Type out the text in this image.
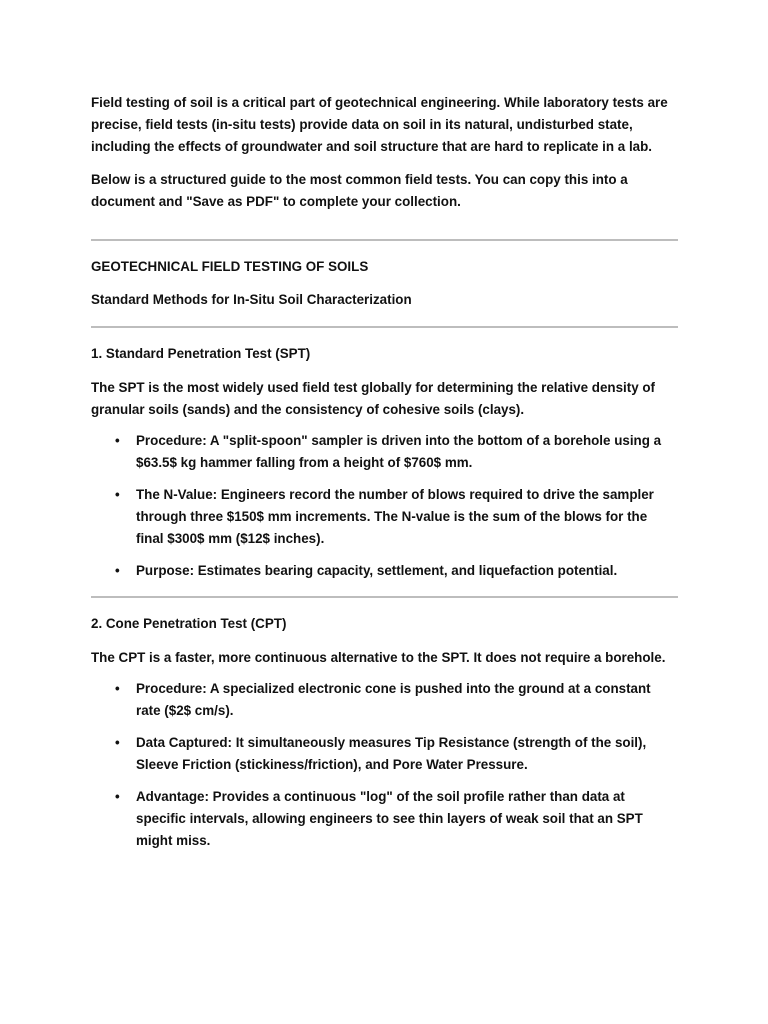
Field testing of soil is a critical part of geotechnical engineering. While laboratory tests are precise, field tests (in-situ tests) provide data on soil in its natural, undisturbed state, including the effects of groundwater and soil structure that are hard to replicate in a lab.

Below is a structured guide to the most common field tests. You can copy this into a document and "Save as PDF" to complete your collection.

GEOTECHNICAL FIELD TESTING OF SOILS

Standard Methods for In-Situ Soil Characterization

1. Standard Penetration Test (SPT)

The SPT is the most widely used field test globally for determining the relative density of granular soils (sands) and the consistency of cohesive soils (clays).

• Procedure: A "split-spoon" sampler is driven into the bottom of a borehole using a $63.5$ kg hammer falling from a height of $760$ mm.
• The N-Value: Engineers record the number of blows required to drive the sampler through three $150$ mm increments. The N-value is the sum of the blows for the final $300$ mm ($12$ inches).
• Purpose: Estimates bearing capacity, settlement, and liquefaction potential.

2. Cone Penetration Test (CPT)

The CPT is a faster, more continuous alternative to the SPT. It does not require a borehole.

• Procedure: A specialized electronic cone is pushed into the ground at a constant rate ($2$ cm/s).
• Data Captured: It simultaneously measures Tip Resistance (strength of the soil), Sleeve Friction (stickiness/friction), and Pore Water Pressure.
• Advantage: Provides a continuous "log" of the soil profile rather than data at specific intervals, allowing engineers to see thin layers of weak soil that an SPT might miss.
